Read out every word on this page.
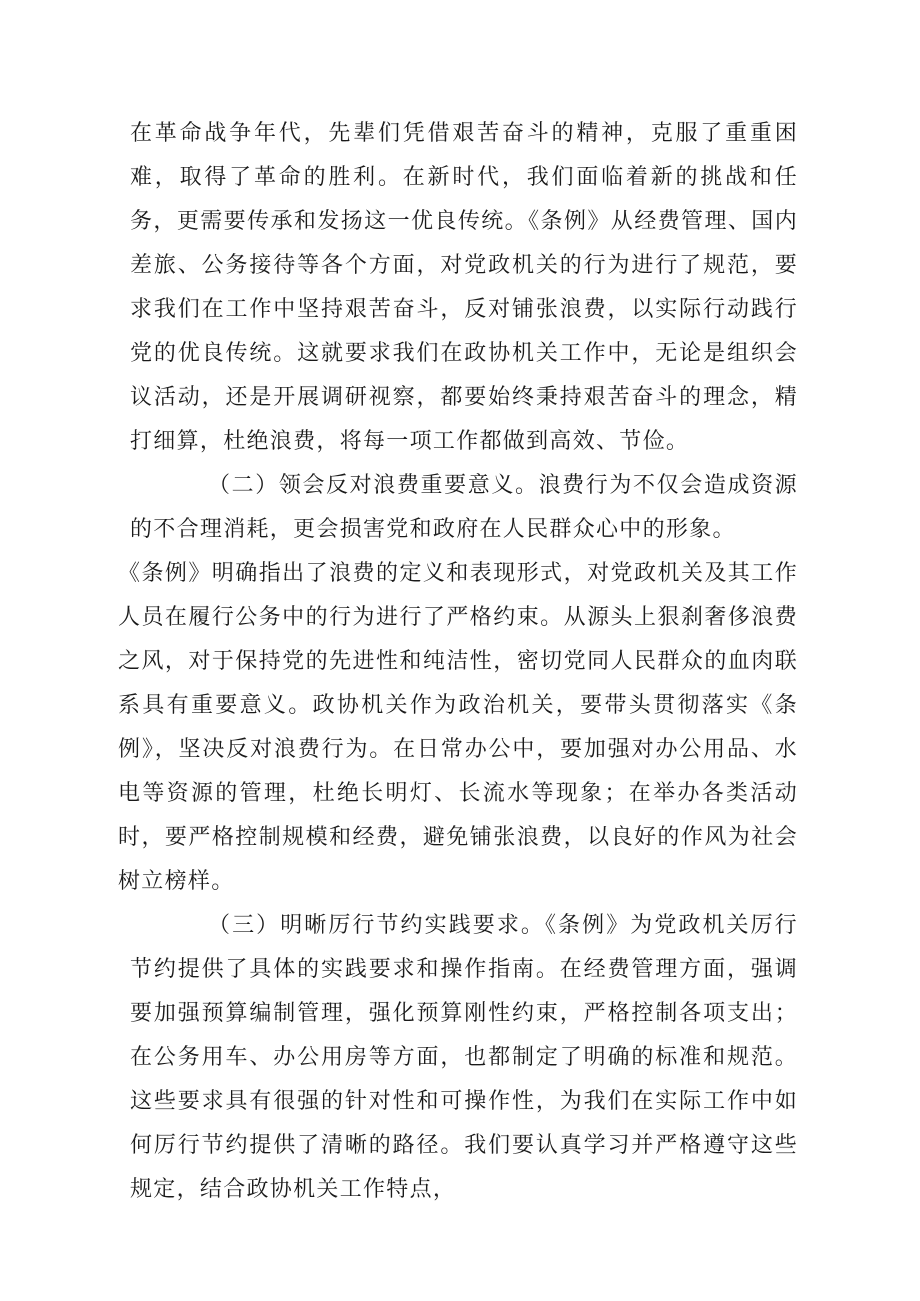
在革命战争年代，先辈们凭借艰苦奋斗的精神，克服了重重困难，取得了革命的胜利。在新时代，我们面临着新的挑战和任务，更需要传承和发扬这一优良传统。《条例》从经费管理、国内差旅、公务接待等各个方面，对党政机关的行为进行了规范，要求我们在工作中坚持艰苦奋斗，反对铺张浪费，以实际行动践行党的优良传统。这就要求我们在政协机关工作中，无论是组织会议活动，还是开展调研视察，都要始终秉持艰苦奋斗的理念，精打细算，杜绝浪费，将每一项工作都做到高效、节俭。

（二）领会反对浪费重要意义。浪费行为不仅会造成资源的不合理消耗，更会损害党和政府在人民群众心中的形象。

《条例》明确指出了浪费的定义和表现形式，对党政机关及其工作人员在履行公务中的行为进行了严格约束。从源头上狠刹奢侈浪费之风，对于保持党的先进性和纯洁性，密切党同人民群众的血肉联系具有重要意义。政协机关作为政治机关，要带头贯彻落实《条例》，坚决反对浪费行为。在日常办公中，要加强对办公用品、水电等资源的管理，杜绝长明灯、长流水等现象；在举办各类活动时，要严格控制规模和经费，避免铺张浪费，以良好的作风为社会树立榜样。

（三）明晰厉行节约实践要求。《条例》为党政机关厉行节约提供了具体的实践要求和操作指南。在经费管理方面，强调要加强预算编制管理，强化预算刚性约束，严格控制各项支出；在公务用车、办公用房等方面，也都制定了明确的标准和规范。这些要求具有很强的针对性和可操作性，为我们在实际工作中如何厉行节约提供了清晰的路径。我们要认真学习并严格遵守这些规定，结合政协机关工作特点，
